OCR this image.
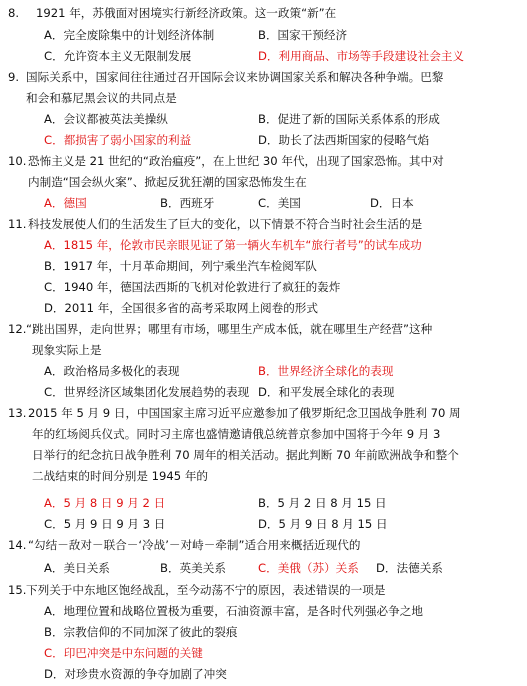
8. 1921 年，苏俄面对困境实行新经济政策。这一政策“新”在
A．完全废除集中的计划经济体制	B．国家干预经济
C．允许资本主义无限制发展	D．利用商品、市场等手段建设社会主义
9. 国际关系中，国家间往往通过召开国际会议来协调国家关系和解决各种争端。巴黎
和会和慕尼黑会议的共同点是
A．会议都被英法美操纵	B．促进了新的国际关系体系的形成
C．都损害了弱小国家的利益	D．助长了法西斯国家的侵略气焰
10. 恐怖主义是 21 世纪的“政治瘟疫”，在上世纪 30 年代，出现了国家恐怖。其中对
内制造“国会纵火案”、掀起反犹狂潮的国家恐怖发生在
A．德国	B．西班牙	C．美国	D．日本
11. 科技发展使人们的生活发生了巨大的变化，以下情景不符合当时社会生活的是
A．1815 年，伦敦市民亲眼见证了第一辆火车机车“旅行者号”的试车成功
B．1917 年，十月革命期间，列宁乘坐汽车检阅军队
C．1940 年，德国法西斯的飞机对伦敦进行了疯狂的轰炸
D．2011 年，全国很多省的高考采取网上阅卷的形式
12. “跳出国界，走向世界；哪里有市场，哪里生产成本低，就在哪里生产经营”这种
现象实际上是
A．政治格局多极化的表现	B．世界经济全球化的表现
C．世界经济区域集团化发展趋势的表现 D．和平发展全球化的表现
13. 2015 年 5 月 9 日，中国国家主席习近平应邀参加了俄罗斯纪念卫国战争胜利 70 周
年的红场阅兵仪式。同时习主席也盛情邀请俄总统普京参加中国将于今年 9 月 3
日举行的纪念抗日战争胜利 70 周年的相关活动。据此判断 70 年前欧洲战争和整个
二战结束的时间分别是 1945 年的
A．5 月 8 日 9 月 2 日	B．5 月 2 日 8 月 15 日
C．5 月 9 日 9 月 3 日	D．5 月 9 日 8 月 15 日
14. “勾结－敌对－联合－‘冷战’－对峙－牵制”适合用来概括近现代的
A．美日关系	B．英美关系	C．美俄（苏）关系 D．法德关系
15. 下列关于中东地区饱经战乱，至今动荡不宁的原因，表述错误的一项是
A．地理位置和战略位置极为重要，石油资源丰富，是各时代列强必争之地
B．宗教信仰的不同加深了彼此的裂痕
C．印巴冲突是中东问题的关键
D．对珍贵水资源的争夺加剧了冲突
